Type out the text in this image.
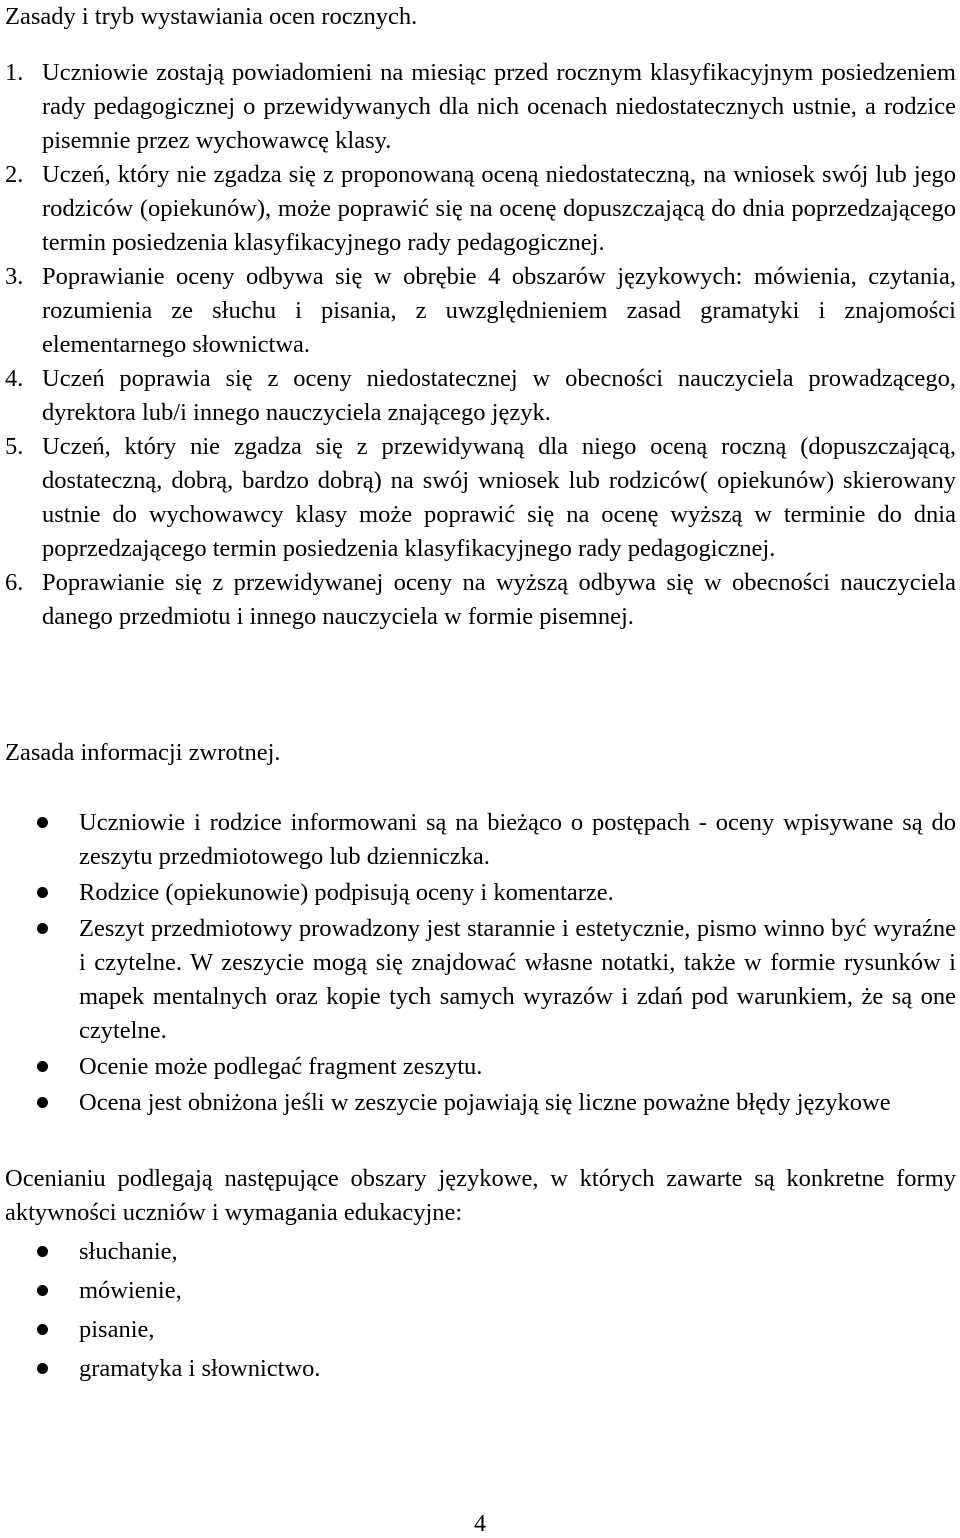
Zasady i tryb wystawiania ocen rocznych.
1. Uczniowie zostają powiadomieni na miesiąc przed rocznym klasyfikacyjnym posiedzeniem rady pedagogicznej o przewidywanych dla nich ocenach niedostatecznych ustnie, a rodzice pisemnie przez wychowawcę klasy.
2. Uczeń, który nie zgadza się z proponowaną oceną niedostateczną, na wniosek swój lub jego rodziców (opiekunów), może poprawić się na ocenę dopuszczającą do dnia poprzedzającego termin posiedzenia klasyfikacyjnego rady pedagogicznej.
3. Poprawianie oceny odbywa się w obrębie 4 obszarów językowych: mówienia, czytania, rozumienia ze słuchu i pisania, z uwzględnieniem zasad gramatyki i znajomości elementarnego słownictwa.
4. Uczeń poprawia się z oceny niedostatecznej w obecności nauczyciela prowadzącego, dyrektora lub/i innego nauczyciela znającego język.
5. Uczeń, który nie zgadza się z przewidywaną dla niego oceną roczną (dopuszczającą, dostateczną, dobrą, bardzo dobrą) na swój wniosek lub rodziców( opiekunów) skierowany ustnie do wychowawcy klasy może poprawić się na ocenę wyższą w terminie do dnia poprzedzającego termin posiedzenia klasyfikacyjnego rady pedagogicznej.
6. Poprawianie się z przewidywanej oceny na wyższą odbywa się w obecności nauczyciela danego przedmiotu i innego nauczyciela w formie pisemnej.
Zasada informacji zwrotnej.
Uczniowie i rodzice informowani są na bieżąco o postępach - oceny wpisywane są do zeszytu przedmiotowego lub dzienniczka.
Rodzice (opiekunowie) podpisują oceny i komentarze.
Zeszyt przedmiotowy prowadzony jest starannie i estetycznie, pismo winno być wyraźne i czytelne. W zeszycie mogą się znajdować własne notatki, także w formie rysunków i mapek mentalnych oraz kopie tych samych wyrazów i zdań pod warunkiem, że są one czytelne.
Ocenie może podlegać fragment zeszytu.
Ocena jest obniżona jeśli w zeszycie pojawiają się liczne poważne błędy językowe

Ocenianiu podlegają następujące obszary językowe, w których zawarte są konkretne formy aktywności uczniów i wymagania edukacyjne:

słuchanie,
mówienie,
pisanie,
gramatyka i słownictwo.
4
